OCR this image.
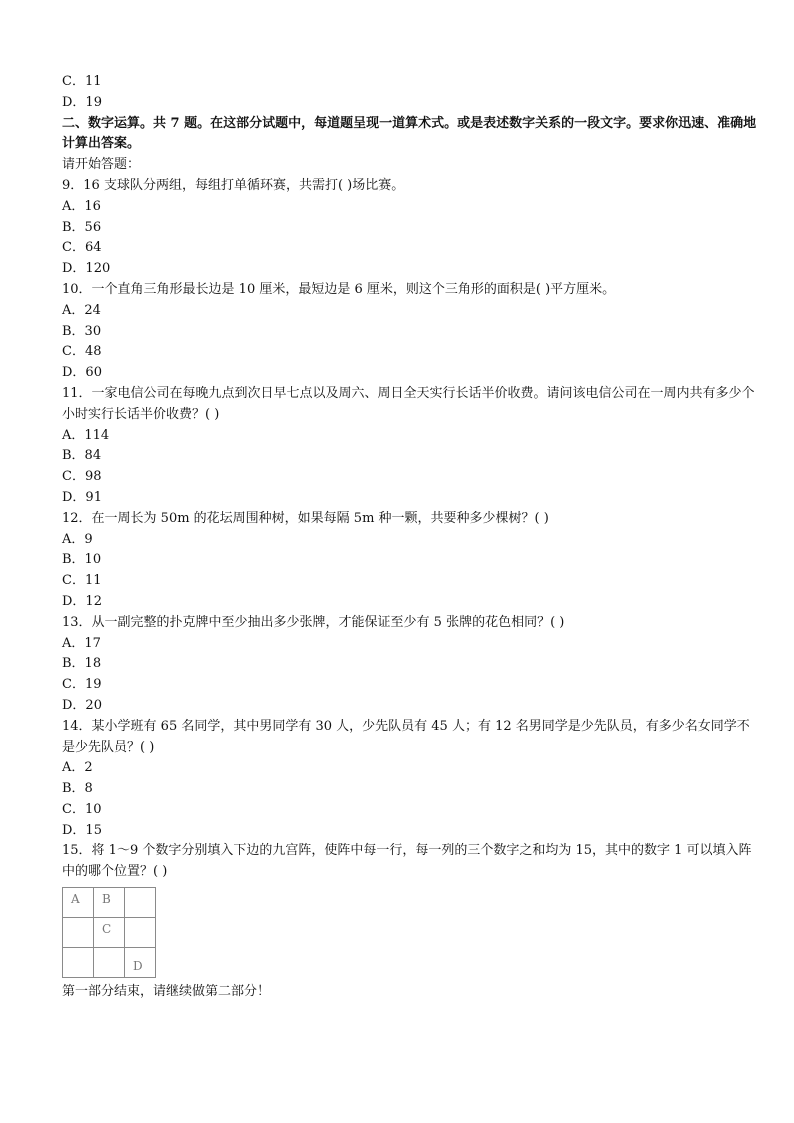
C．11
D．19
二、数字运算。共 7 题。在这部分试题中，每道题呈现一道算术式。或是表述数字关系的一段文字。要求你迅速、准确地计算出答案。
请开始答题：
9．16 支球队分两组，每组打单循环赛，共需打( )场比赛。
A．16
B．56
C．64
D．120
10．一个直角三角形最长边是 10 厘米，最短边是 6 厘米，则这个三角形的面积是( )平方厘米。
A．24
B．30
C．48
D．60
11．一家电信公司在每晚九点到次日早七点以及周六、周日全天实行长话半价收费。请问该电信公司在一周内共有多少个小时实行长话半价收费？( )
A．114
B．84
C．98
D．91
12．在一周长为 50m 的花坛周围种树，如果每隔 5m 种一颗，共要种多少棵树？( )
A．9
B．10
C．11
D．12
13．从一副完整的扑克牌中至少抽出多少张牌，才能保证至少有 5 张牌的花色相同？( )
A．17
B．18
C．19
D．20
14．某小学班有 65 名同学，其中男同学有 30 人，少先队员有 45 人；有 12 名男同学是少先队员，有多少名女同学不是少先队员？( )
A．2
B．8
C．10
D．15
15．将 1～9 个数字分别填入下边的九宫阵，使阵中每一行，每一列的三个数字之和均为 15，其中的数字 1 可以填入阵中的哪个位置？( )
A	B	

	C	

		D
第一部分结束，请继续做第二部分！
